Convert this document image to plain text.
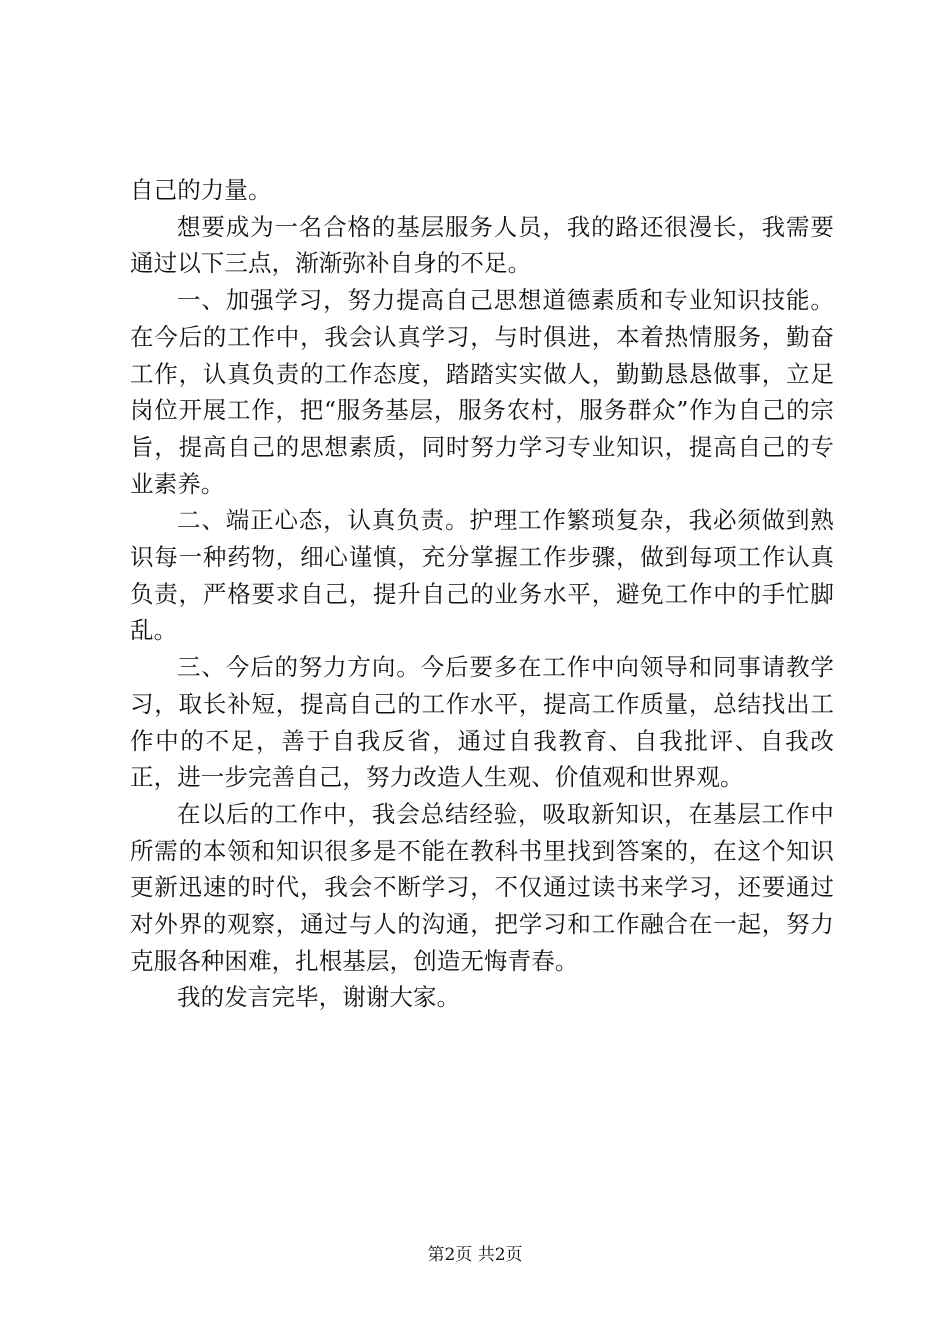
自己的力量。

想要成为一名合格的基层服务人员，我的路还很漫长，我需要通过以下三点，渐渐弥补自身的不足。

一、加强学习，努力提高自己思想道德素质和专业知识技能。在今后的工作中，我会认真学习，与时俱进，本着热情服务，勤奋工作，认真负责的工作态度，踏踏实实做人，勤勤恳恳做事，立足岗位开展工作，把“服务基层，服务农村，服务群众”作为自己的宗旨，提高自己的思想素质，同时努力学习专业知识，提高自己的专业素养。

二、端正心态，认真负责。护理工作繁琐复杂，我必须做到熟识每一种药物，细心谨慎，充分掌握工作步骤，做到每项工作认真负责，严格要求自己，提升自己的业务水平，避免工作中的手忙脚乱。

三、今后的努力方向。今后要多在工作中向领导和同事请教学习，取长补短，提高自己的工作水平，提高工作质量，总结找出工作中的不足，善于自我反省，通过自我教育、自我批评、自我改正，进一步完善自己，努力改造人生观、价值观和世界观。

在以后的工作中，我会总结经验，吸取新知识，在基层工作中所需的本领和知识很多是不能在教科书里找到答案的，在这个知识更新迅速的时代，我会不断学习，不仅通过读书来学习，还要通过对外界的观察，通过与人的沟通，把学习和工作融合在一起，努力克服各种困难，扎根基层，创造无悔青春。

我的发言完毕，谢谢大家。

第2页 共2页
